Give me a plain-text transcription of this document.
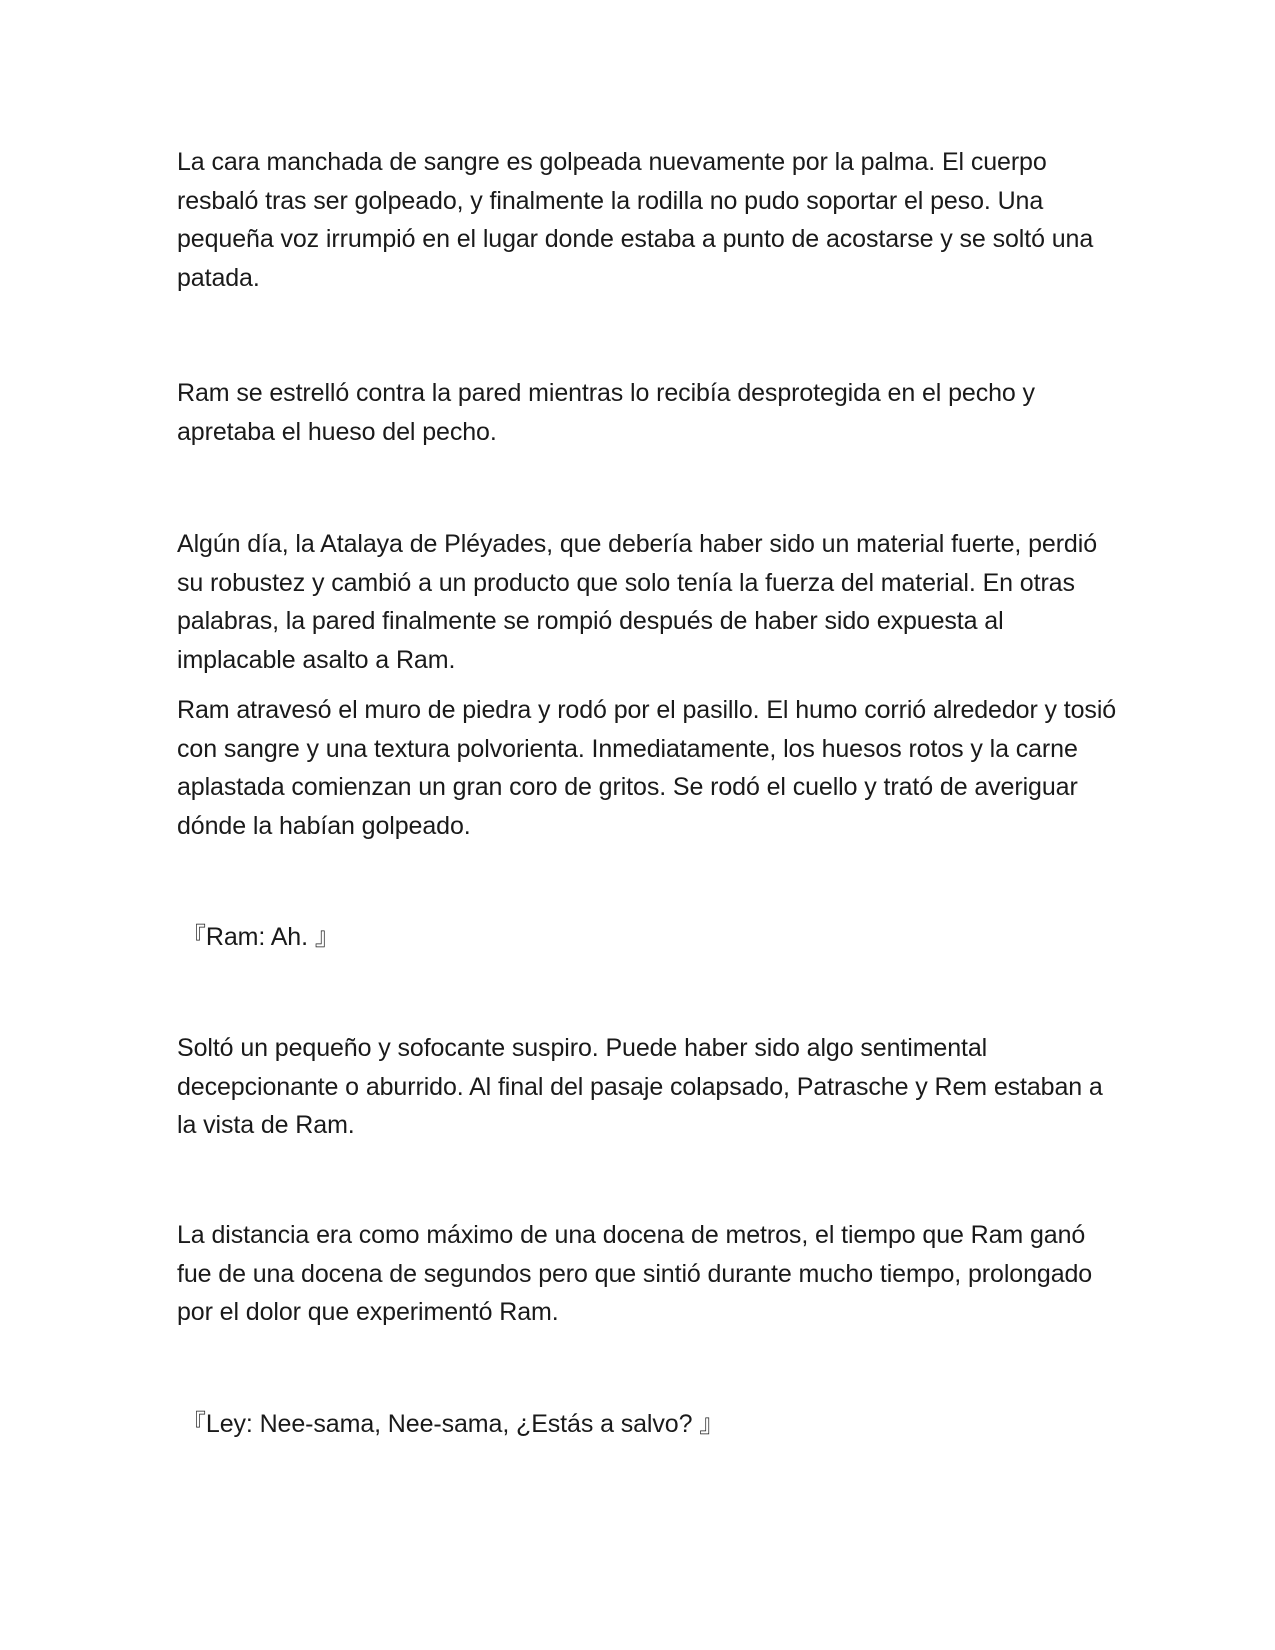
La cara manchada de sangre es golpeada nuevamente por la palma. El cuerpo resbaló tras ser golpeado, y finalmente la rodilla no pudo soportar el peso. Una pequeña voz irrumpió en el lugar donde estaba a punto de acostarse y se soltó una patada.

Ram se estrelló contra la pared mientras lo recibía desprotegida en el pecho y apretaba el hueso del pecho.

Algún día, la Atalaya de Pléyades, que debería haber sido un material fuerte, perdió su robustez y cambió a un producto que solo tenía la fuerza del material. En otras palabras, la pared finalmente se rompió después de haber sido expuesta al implacable asalto a Ram.

Ram atravesó el muro de piedra y rodó por el pasillo. El humo corrió alrededor y tosió con sangre y una textura polvorienta. Inmediatamente, los huesos rotos y la carne aplastada comienzan un gran coro de gritos. Se rodó el cuello y trató de averiguar dónde la habían golpeado.

『Ram: Ah. 』

Soltó un pequeño y sofocante suspiro. Puede haber sido algo sentimental decepcionante o aburrido. Al final del pasaje colapsado, Patrasche y Rem estaban a la vista de Ram.

La distancia era como máximo de una docena de metros, el tiempo que Ram ganó fue de una docena de segundos pero que sintió durante mucho tiempo, prolongado por el dolor que experimentó Ram.

『Ley: Nee-sama, Nee-sama, ¿Estás a salvo? 』
